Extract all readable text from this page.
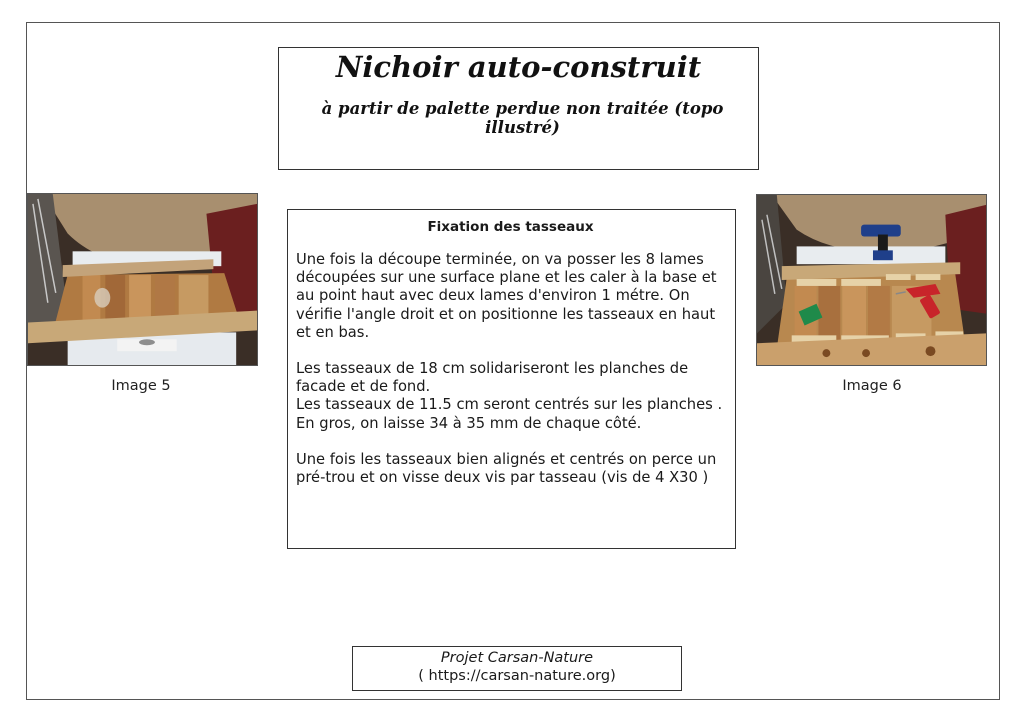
Nichoir auto-construit
à partir de palette perdue non traitée (topo illustré)
Image 5
Fixation des tasseaux

Une fois la découpe terminée, on va posser les 8 lames
découpées sur une surface plane et les caler à la base et
au point haut avec deux lames d'environ 1 métre. On
vérifie l'angle droit et on positionne les tasseaux en haut
et en bas.

Les tasseaux de 18 cm solidariseront les planches de
facade et de fond.
Les tasseaux de 11.5 cm seront centrés sur les planches .
En gros, on laisse 34 à 35 mm de chaque côté.

Une fois les tasseaux bien alignés et centrés on perce un
pré-trou et on visse deux vis par tasseau (vis de 4 X30 )

Image 6
Projet Carsan-Nature
( https://carsan-nature.org)
